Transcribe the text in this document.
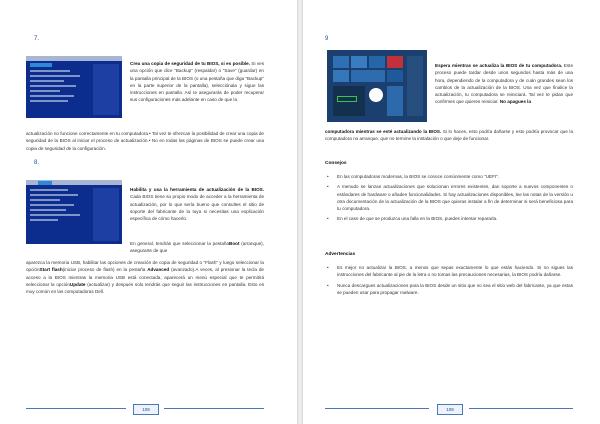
7.

Crea una copia de seguridad de tu BIOS, si es posible. Si ves una opción que dice "Backup" (respaldar) o "Save" (guardar) en la pantalla principal de la BIOS (o una pestaña que diga "Backup" en la parte superior de la pantalla), selecciónala y sigue las instrucciones en pantalla. Así te asegurarás de poder recuperar sus configuraciones más adelante en caso de que la

actualización no funcione correctamente en tu computadora.• Tal vez te ofrezcan la posibilidad de crear una copia de seguridad de la BIOS al iniciar el proceso de actualización.• No en todas las páginas de BIOS se puede crear una copia de seguridad de la configuración.

8.

Habilita y usa la herramienta de actualización de la BIOS. Cada BIOS tiene su propio modo de acceder a la herramienta de actualización, por lo que sería bueno que consultes el sitio de soporte del fabricante de la tuya si necesitas una explicación específica de cómo hacerlo.

En general, tendrás que seleccionar la pestañaBoot (arranque), asegurarte de que

aparezca la memoria USB, habilitar las opciones de creación de copia de seguridad o "Flash" y luego seleccionar la opciónStart flash(iniciar proceso de flash) en la pestaña Advanced (avanzado).A veces, al presionar la tecla de acceso a la BIOS mientras la memoria USB está conectada, aparecerá un menú especial que te permitirá seleccionar la opciónUpdate (actualizar) y después solo tendrás que seguir las instrucciones en pantalla. Esto es muy común en las computadoras Dell.

108
9

Espera mientras se actualiza la BIOS de tu computadora. Este proceso puede tardar desde unos segundos hasta más de una hora, dependiendo de la computadora y de cuán grandes sean los cambios de la actualización de la BIOS. Una vez que finalice la actualización, tu computadora se reiniciará. Tal vez te pidan que confirmes que quieres reiniciar. No apagues la

computadora mientras se esté actualizando la BIOS. Si lo haces, esto podría dañarse y esto podría provocar que la computadora no arranque, que no termine la instalación o que deje de funcionar.

Consejos
• En las computadoras modernas, la BIOS se conoce comúnmente como "UEFI".
• A menudo se lanzan actualizaciones que solucionan errores existentes, dan soporte a nuevos componentes o estándares de hardware o añaden funcionalidades. Si hay actualizaciones disponibles, lee las notas de la versión u otra documentación de la actualización de la BIOS que quieras instalar a fin de determinar si será beneficiosa para tu computadora.
• En el caso de que se produzca una falla en la BIOS, puedes intentar repararla.
Advertencias
• Es mejor no actualizar la BIOS, a menos que sepas exactamente lo que estás haciendo. Si no sigues las instrucciones del fabricante al pie de la letra o no tomas las precauciones necesarias, la BIOS podría dañarse.
• Nunca descargues actualizaciones para la BIOS desde un sitio que no sea el sitio web del fabricante, ya que estas se pueden usar para propagar malware.
109
